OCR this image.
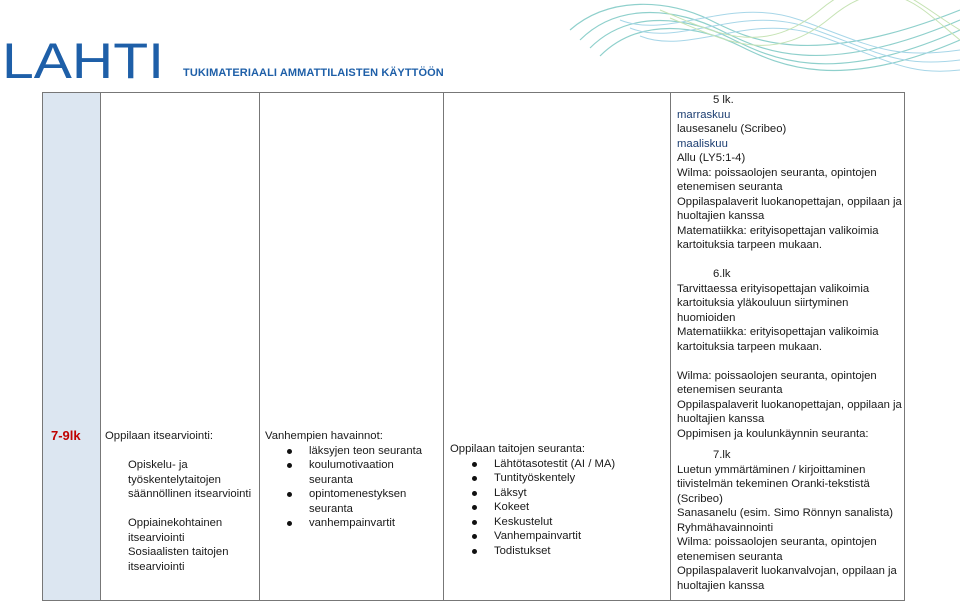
LAHTI TUKIMATERIAALI AMMATTILAISTEN KÄYTTÖÖN
7-9lk Oppilaan itsearviointi:
Opiskelu- ja
työskentelytaitojen
säännöllinen itsearviointi
Oppiainekohtainen
itsearviointi
Sosiaalisten taitojen
itsearviointi
Vanhempien havainnot:
läksyjen teon seuranta
koulumotivaation seuranta
opintomenestyksen seuranta
vanhempainvartit
Oppilaan taitojen seuranta:
Lähtötasotestit (AI / MA)
Tuntityöskentely
Läksyt
Kokeet
Keskustelut
Vanhempainvartit
Todistukset
5 lk.
marraskuu
lausesanelu (Scribeo)
maaliskuu
Allu (LY5:1-4)
Wilma: poissaolojen seuranta, opintojen etenemisen seuranta
Oppilaspalaverit luokanopettajan, oppilaan ja huoltajien kanssa
Matematiikka: erityisopettajan valikoimia kartoituksia tarpeen mukaan.
6.lk
Tarvittaessa erityisopettajan valikoimia kartoituksia yläkouluun siirtyminen huomioiden
Matematiikka: erityisopettajan valikoimia kartoituksia tarpeen mukaan.
Wilma: poissaolojen seuranta, opintojen etenemisen seuranta
Oppilaspalaverit luokanopettajan, oppilaan ja huoltajien kanssa
Oppimisen ja koulunkäynnin seuranta:
7.lk
Luetun ymmärtäminen / kirjoittaminen tiivistelmän tekeminen Oranki-tekstistä (Scribeo)
Sanasanelu (esim. Simo Rönnyn sanalista) Ryhmähavainnointi
Wilma: poissaolojen seuranta, opintojen etenemisen seuranta
Oppilaspalaverit luokanvalvojan, oppilaan ja huoltajien kanssa
